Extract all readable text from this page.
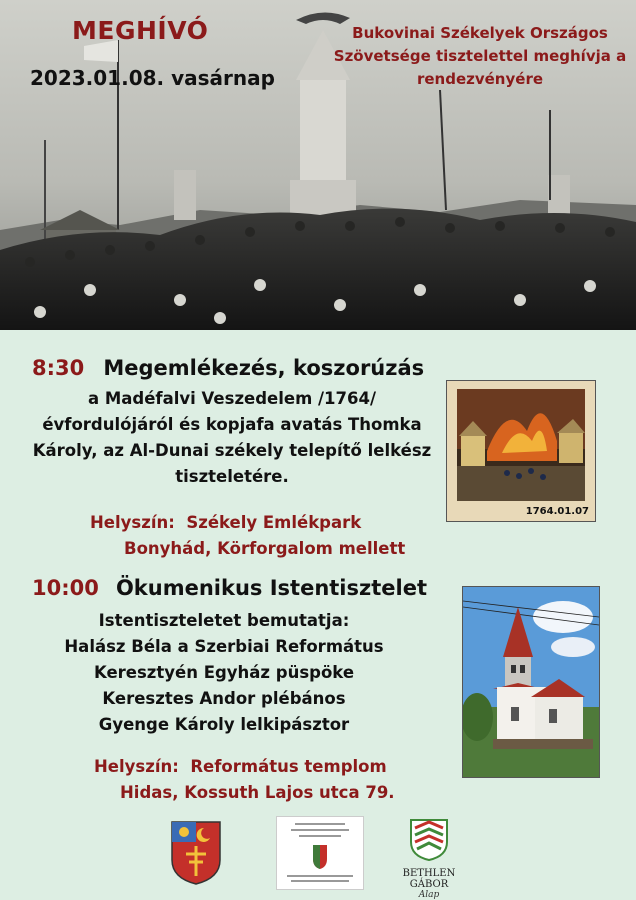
MEGHÍVÓ
2023.01.08. vasárnap
Bukovinai Székelyek Országos
Szövetsége tisztelettel meghívja a
rendezvényére
8:30 Megemlékezés, koszorúzás
a Madéfalvi Veszedelem /1764/
évfordulójáról és kopjafa avatás Thomka
Károly, az Al-Dunai székely telepítő lelkész
tiszteletére.
Helyszín: Székely Emlékpark
Bonyhád, Körforgalom mellett
1764.01.07
10:00 Ökumenikus Istentisztelet
Istentiszteletet bemutatja:
Halász Béla a Szerbiai Református
Keresztyén Egyház püspöke
Keresztes Andor plébános
Gyenge Károly lelkipásztor
Helyszín: Református templom
Hidas, Kossuth Lajos utca 79.
BETHLEN GÁBOR
Alap
